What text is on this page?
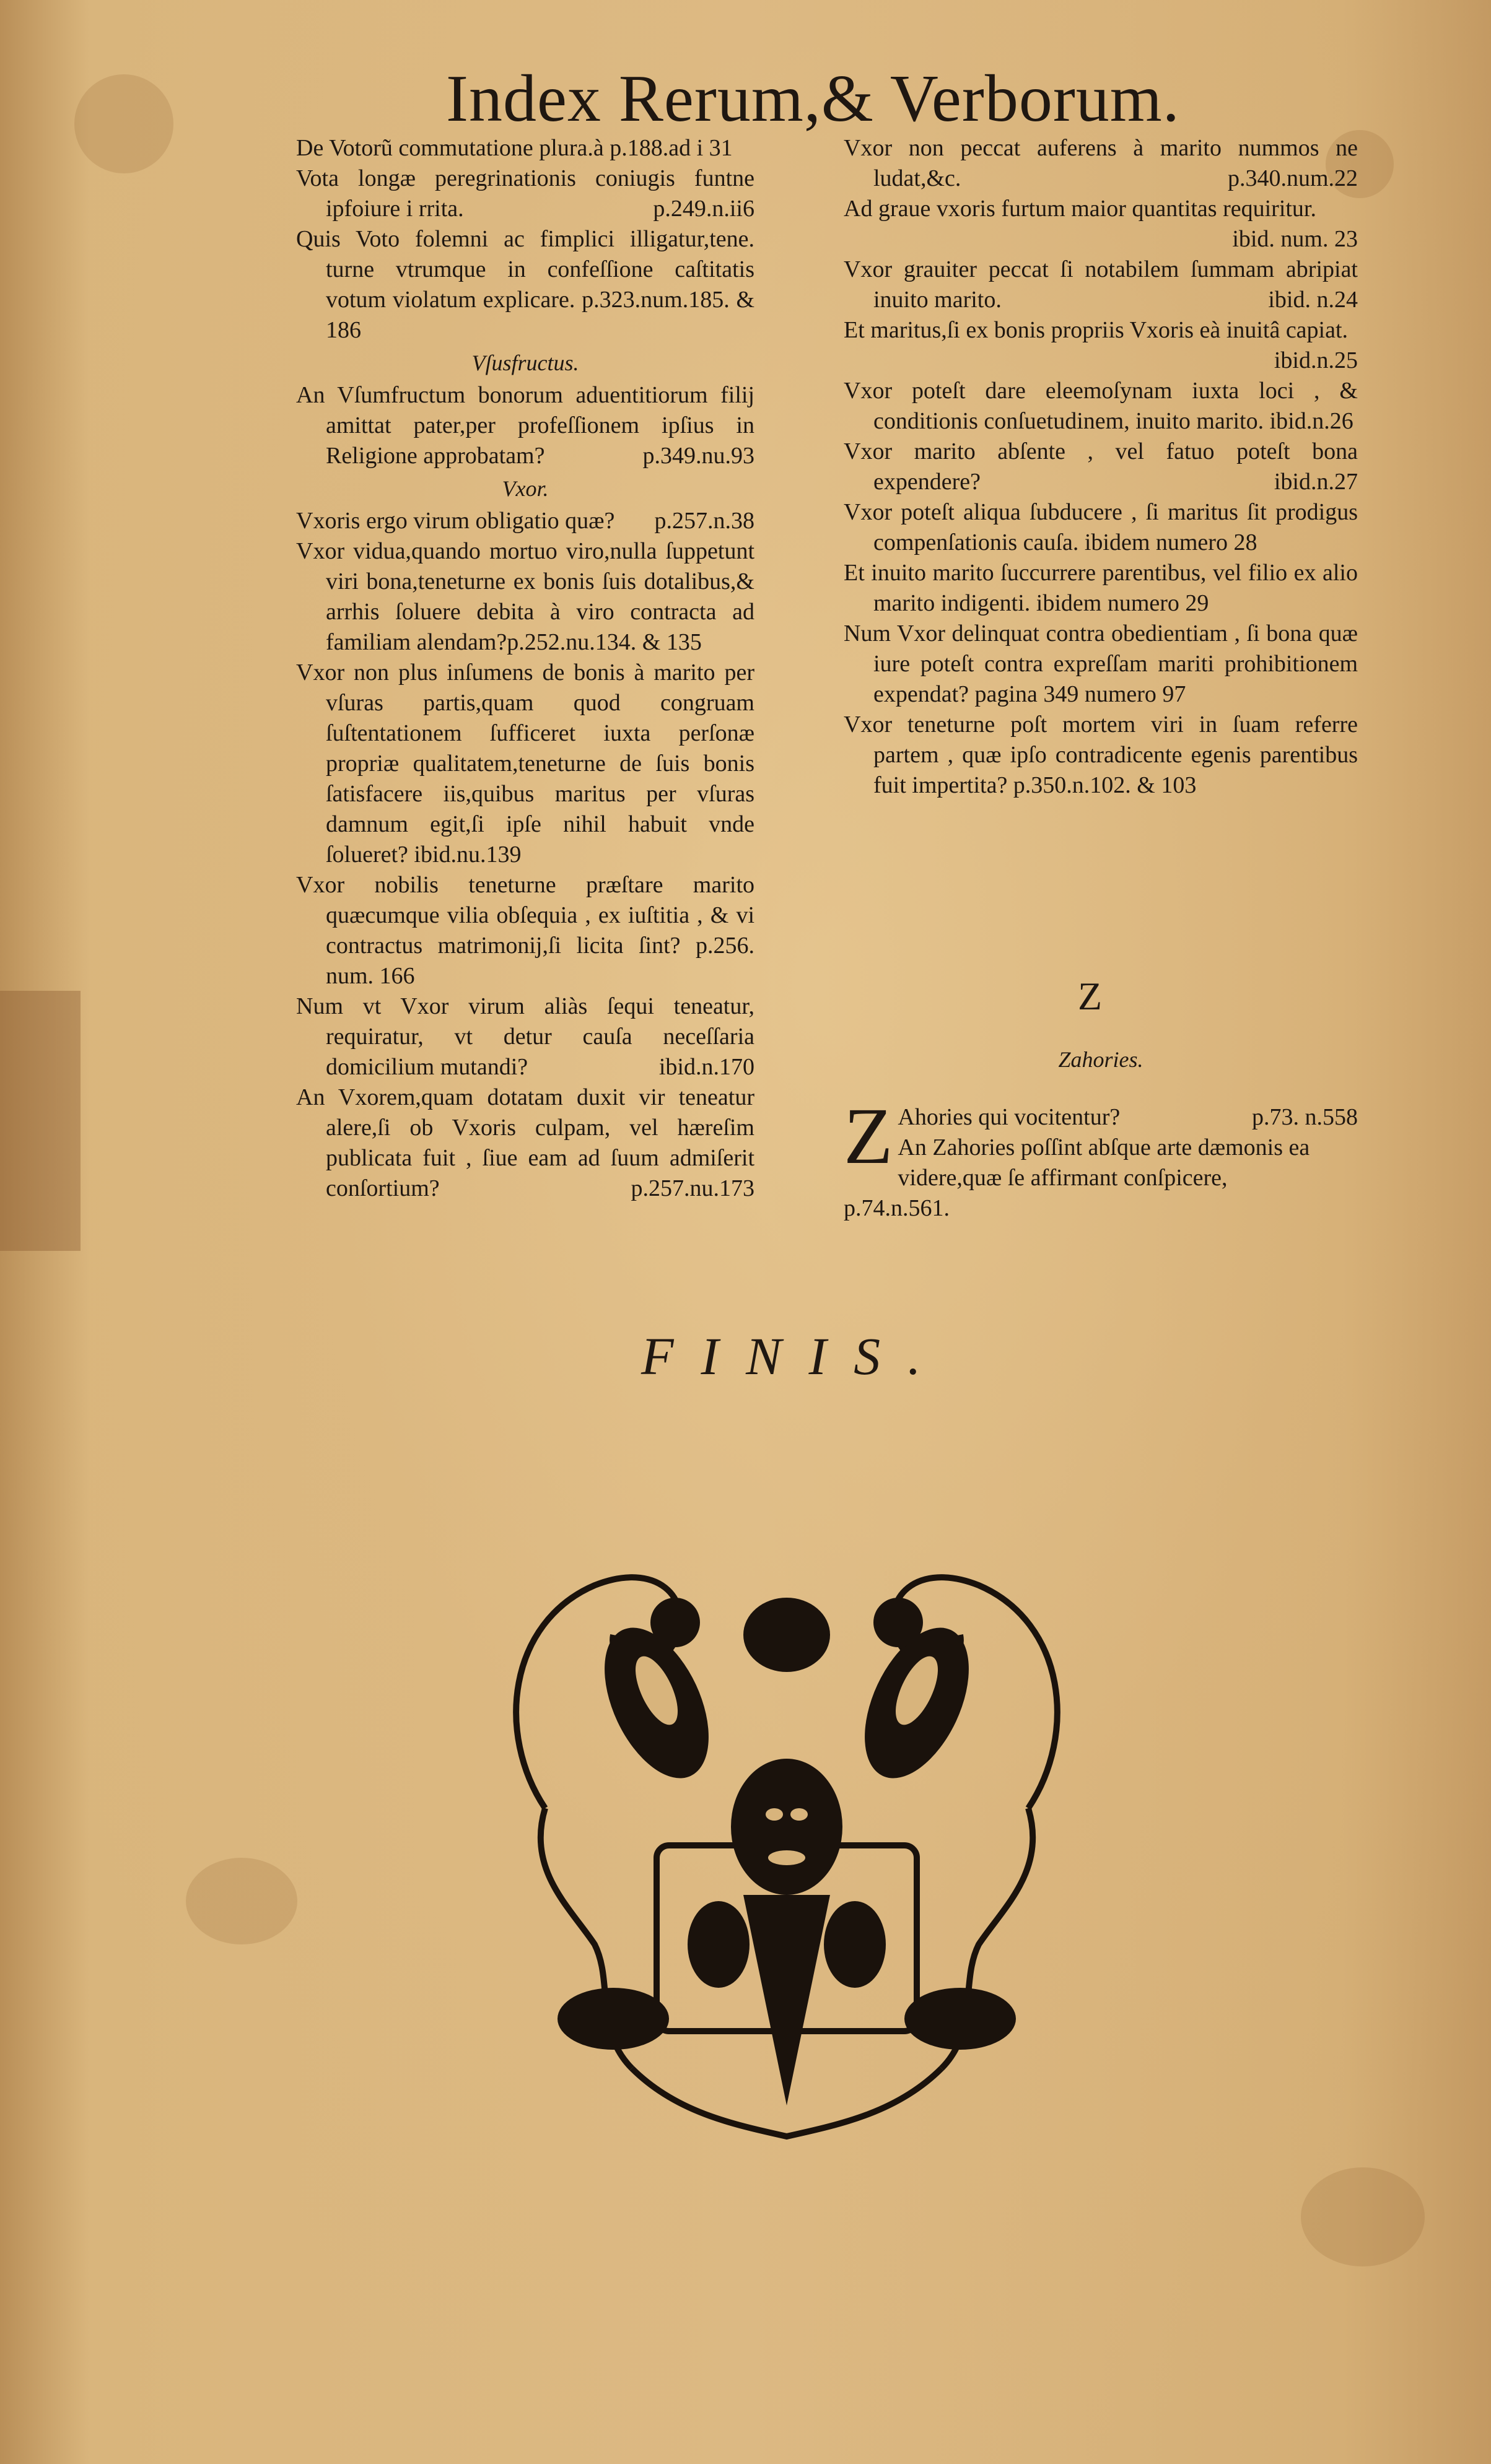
Index Rerum,& Verborum.

De Votorũ commutatione plura.à p.188.ad i 31

Vota longæ peregrinationis coniugis funtne ipfoiure i rrita.	p.249.n.ii6

Quis Voto folemni ac fimplici illigatur,tene. turne vtrumque in confeſſione caſtitatis votum violatum explicare. p.323.num.185. & 186

Vſusfructus.

An Vſumfructum bonorum aduentitiorum filij amittat pater,per profeſſionem ipſius in Religione approbatam?	p.349.nu.93

Vxor.

Vxoris ergo virum obligatio quæ? p.257.n.38

Vxor vidua,quando mortuo viro,nulla ſuppetunt viri bona,teneturne ex bonis ſuis dotalibus,& arrhis ſoluere debita à viro contracta ad familiam alendam?p.252.nu.134. & 135

Vxor non plus inſumens de bonis à marito per vſuras partis,quam quod congruam ſuſtentationem ſufficeret iuxta perſonæ propriæ qualitatem,teneturne de ſuis bonis ſatisfacere iis,quibus maritus per vſuras damnum egit,ſi ipſe nihil habuit vnde ſolueret? ibid.nu.139

Vxor nobilis teneturne præſtare marito quæcumque vilia obſequia , ex iuſtitia , & vi contractus matrimonij,ſi licita ſint? p.256. num. 166

Num vt Vxor virum aliàs ſequi teneatur, requiratur, vt detur cauſa neceſſaria domicilium mutandi?	ibid.n.170

An Vxorem,quam dotatam duxit vir teneatur alere,ſi ob Vxoris culpam, vel hæreſim publicata fuit , ſiue eam ad ſuum admiſerit conſortium?	p.257.nu.173

Vxor non peccat auferens à marito nummos ne ludat,&c.	p.340.num.22

Ad graue vxoris furtum maior quantitas requiritur.
ibid. num. 23

Vxor grauiter peccat ſi notabilem ſummam abripiat inuito marito.	ibid. n.24

Et maritus,ſi ex bonis propriis Vxoris eà inuitâ capiat.
ibid.n.25

Vxor poteſt dare eleemoſynam iuxta loci , & conditionis conſuetudinem, inuito marito. ibid.n.26

Vxor marito abſente , vel fatuo poteſt bona expendere?	ibid.n.27

Vxor poteſt aliqua ſubducere , ſi maritus ſit prodigus compenſationis cauſa. ibidem numero 28

Et inuito marito ſuccurrere parentibus, vel filio ex alio marito indigenti. ibidem numero 29

Num Vxor delinquat contra obedientiam , ſi bona quæ iure poteſt contra expreſſam mariti prohibitionem expendat? pagina 349 numero 97

Vxor teneturne poſt mortem viri in ſuam referre partem , quæ ipſo contradicente egenis parentibus fuit impertita? p.350.n.102. & 103

Z
Zahories.
Z Ahories qui vocitentur?	p.73. n.558
An Zahories poſſint abſque arte dæmonis ea videre,quæ ſe affirmant conſpicere,
p.74.n.561.
FINIS.
